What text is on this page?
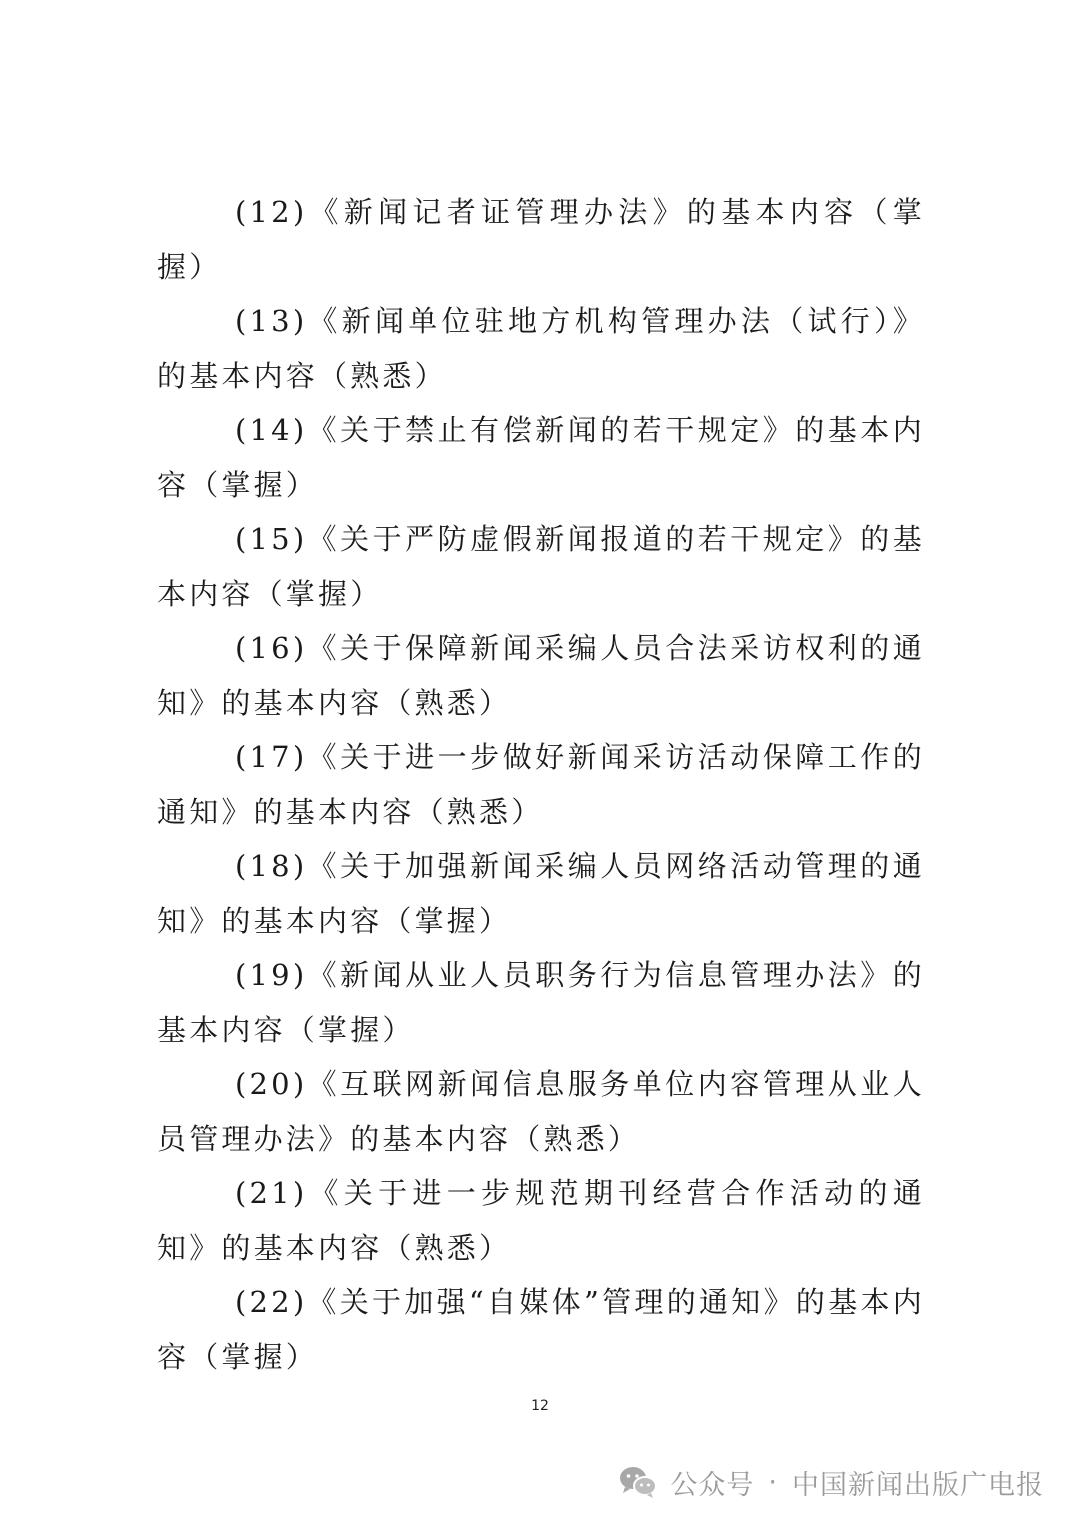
(12)《新闻记者证管理办法》的基本内容（掌握）

(13)《新闻单位驻地方机构管理办法（试行）》的基本内容（熟悉）

(14)《关于禁止有偿新闻的若干规定》的基本内容（掌握）

(15)《关于严防虚假新闻报道的若干规定》的基本内容（掌握）

(16)《关于保障新闻采编人员合法采访权利的通知》的基本内容（熟悉）

(17)《关于进一步做好新闻采访活动保障工作的通知》的基本内容（熟悉）

(18)《关于加强新闻采编人员网络活动管理的通知》的基本内容（掌握）

(19)《新闻从业人员职务行为信息管理办法》的基本内容（掌握）

(20)《互联网新闻信息服务单位内容管理从业人员管理办法》的基本内容（熟悉）

(21)《关于进一步规范期刊经营合作活动的通知》的基本内容（熟悉）

(22)《关于加强“自媒体”管理的通知》的基本内容（掌握）

12
公众号 · 中国新闻出版广电报
